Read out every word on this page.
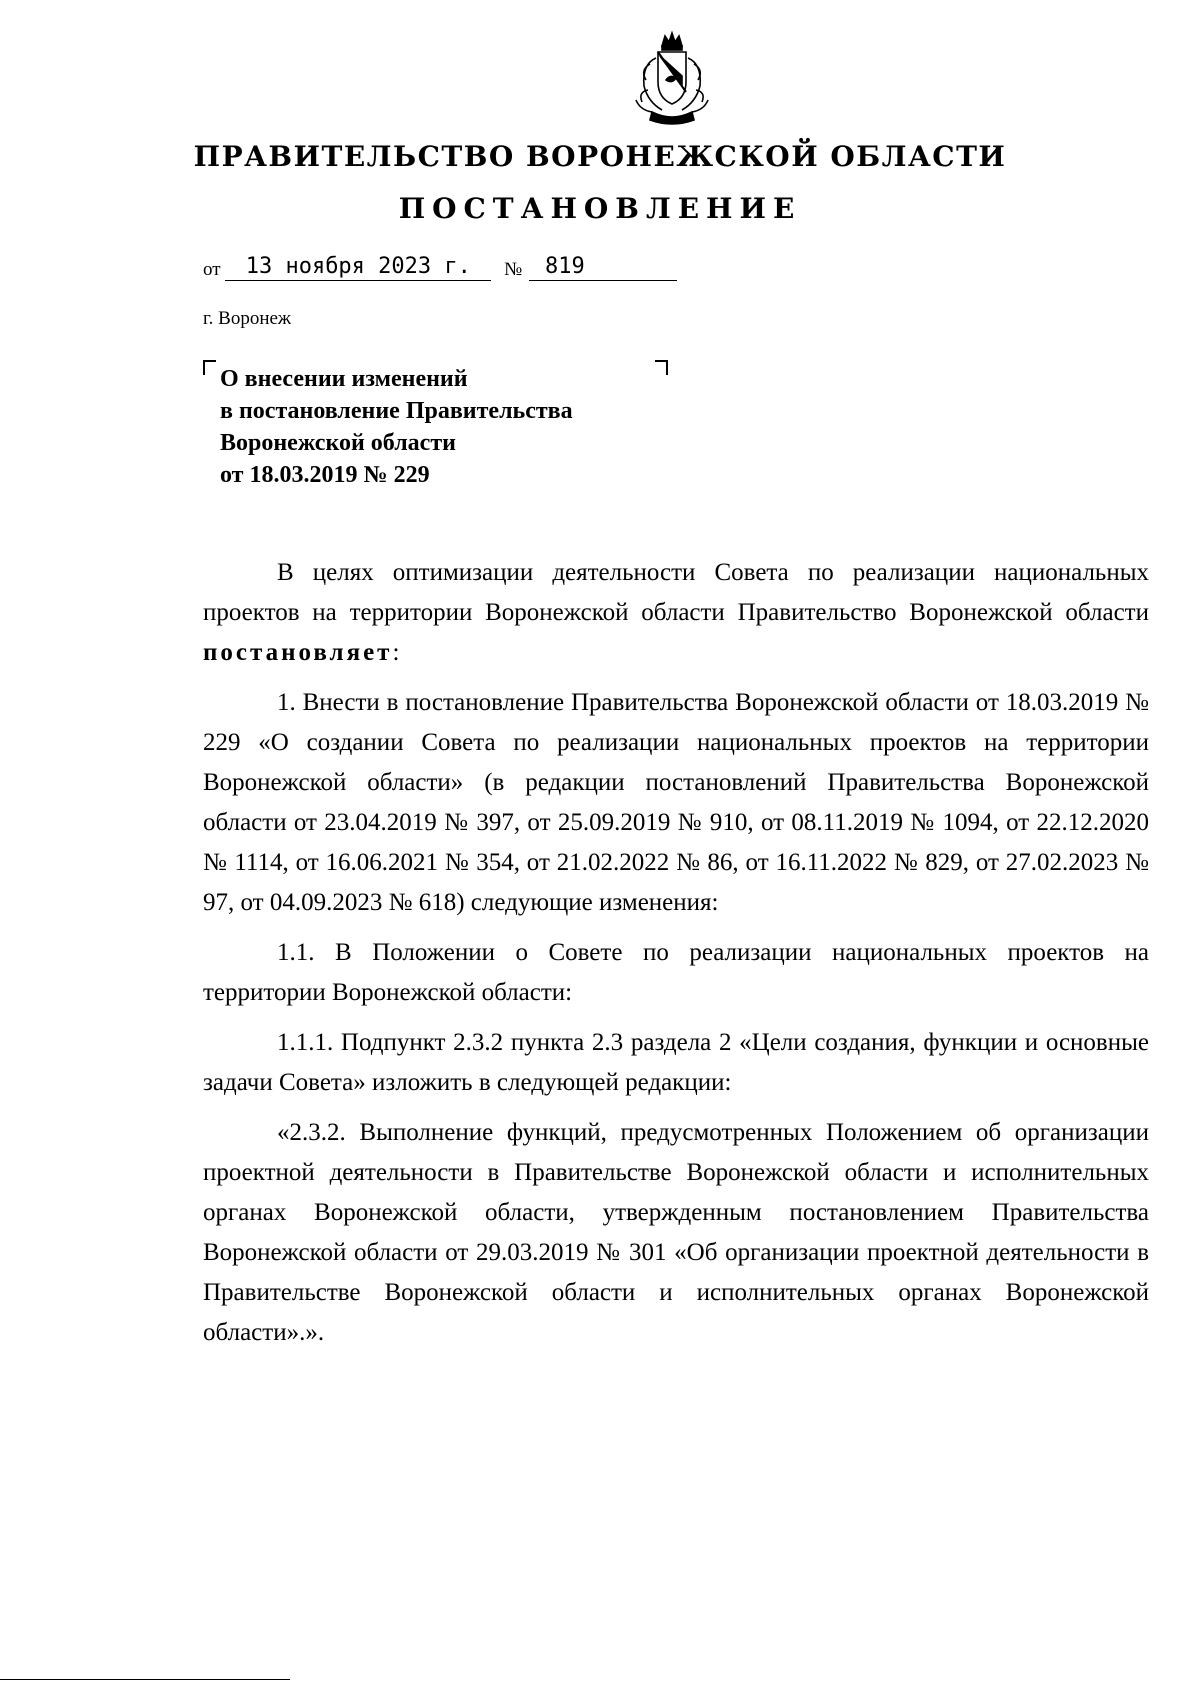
ПРАВИТЕЛЬСТВО ВОРОНЕЖСКОЙ ОБЛАСТИ
ПОСТАНОВЛЕНИЕ
от 13 ноября 2023 г. № 819
г. Воронеж
О внесении изменений
в постановление Правительства
Воронежской области
от 18.03.2019 № 229

В целях оптимизации деятельности Совета по реализации национальных проектов на территории Воронежской области Правительство Воронежской области постановляет:

1. Внести в постановление Правительства Воронежской области от 18.03.2019 № 229 «О создании Совета по реализации национальных проектов на территории Воронежской области» (в редакции постановлений Правительства Воронежской области от 23.04.2019 № 397, от 25.09.2019 № 910, от 08.11.2019 № 1094, от 22.12.2020 № 1114, от 16.06.2021 № 354, от 21.02.2022 № 86, от 16.11.2022 № 829, от 27.02.2023 № 97, от 04.09.2023 № 618) следующие изменения:

1.1. В Положении о Совете по реализации национальных проектов на территории Воронежской области:

1.1.1. Подпункт 2.3.2 пункта 2.3 раздела 2 «Цели создания, функции и основные задачи Совета» изложить в следующей редакции:

«2.3.2. Выполнение функций, предусмотренных Положением об организации проектной деятельности в Правительстве Воронежской области и исполнительных органах Воронежской области, утвержденным постановлением Правительства Воронежской области от 29.03.2019 № 301 «Об организации проектной деятельности в Правительстве Воронежской области и исполнительных органах Воронежской области».».
